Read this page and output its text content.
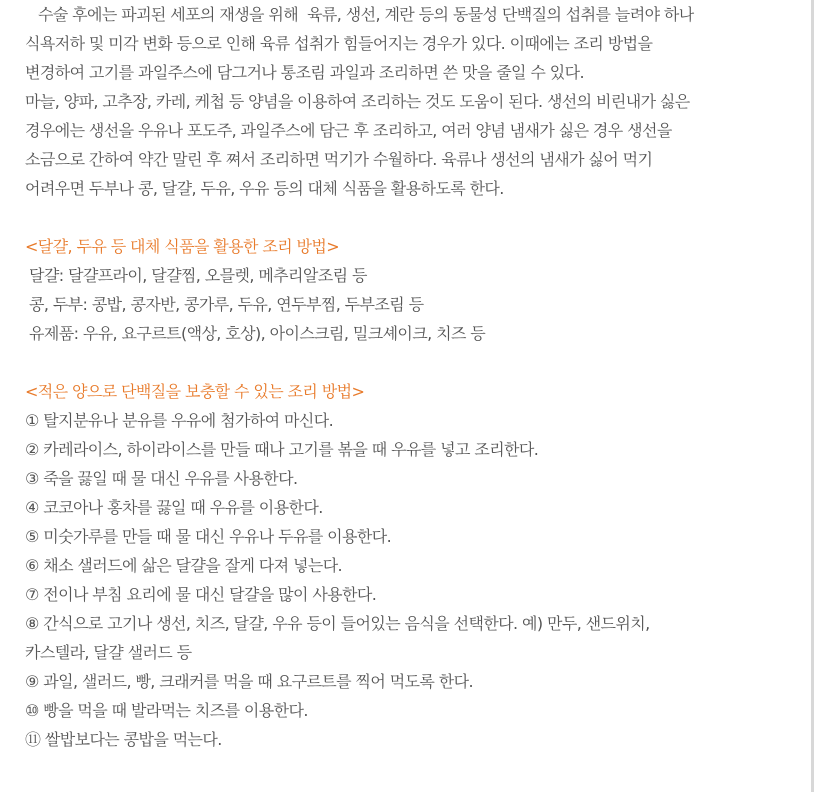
수술 후에는 파괴된 세포의 재생을 위해  육류, 생선, 계란 등의 동물성 단백질의 섭취를 늘려야 하나
식욕저하 및 미각 변화 등으로 인해 육류 섭취가 힘들어지는 경우가 있다. 이때에는 조리 방법을
변경하여 고기를 과일주스에 담그거나 통조림 과일과 조리하면 쓴 맛을 줄일 수 있다.
마늘, 양파, 고추장, 카레, 케첩 등 양념을 이용하여 조리하는 것도 도움이 된다. 생선의 비린내가 싫은
경우에는 생선을 우유나 포도주, 과일주스에 담근 후 조리하고, 여러 양념 냄새가 싫은 경우 생선을
소금으로 간하여 약간 말린 후 쪄서 조리하면 먹기가 수월하다. 육류나 생선의 냄새가 싫어 먹기
어려우면 두부나 콩, 달걀, 두유, 우유 등의 대체 식품을 활용하도록 한다.
<달걀, 두유 등 대체 식품을 활용한 조리 방법>
달걀: 달걀프라이, 달걀찜, 오믈렛, 메추리알조림 등
콩, 두부: 콩밥, 콩자반, 콩가루, 두유, 연두부찜, 두부조림 등
유제품: 우유, 요구르트(액상, 호상), 아이스크림, 밀크셰이크, 치즈 등
<적은 양으로 단백질을 보충할 수 있는 조리 방법>
① 탈지분유나 분유를 우유에 첨가하여 마신다.
② 카레라이스, 하이라이스를 만들 때나 고기를 볶을 때 우유를 넣고 조리한다.
③ 죽을 끓일 때 물 대신 우유를 사용한다.
④ 코코아나 홍차를 끓일 때 우유를 이용한다.
⑤ 미숫가루를 만들 때 물 대신 우유나 두유를 이용한다.
⑥ 채소 샐러드에 삶은 달걀을 잘게 다져 넣는다.
⑦ 전이나 부침 요리에 물 대신 달걀을 많이 사용한다.
⑧ 간식으로 고기나 생선, 치즈, 달걀, 우유 등이 들어있는 음식을 선택한다. 예) 만두, 샌드위치,
카스텔라, 달걀 샐러드 등
⑨ 과일, 샐러드, 빵, 크래커를 먹을 때 요구르트를 찍어 먹도록 한다.
⑩ 빵을 먹을 때 발라먹는 치즈를 이용한다.
⑪ 쌀밥보다는 콩밥을 먹는다.
